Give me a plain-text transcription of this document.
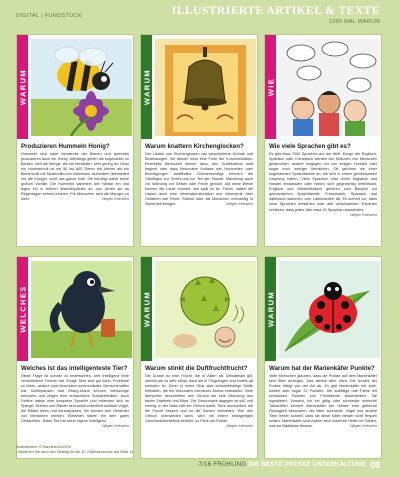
DIGITAL | FUNDSTÜCK	ILLUSTRIERTE ARTIKEL & TEXTE
1000 MAL WARUM
WARUM
Produzieren Hummeln Honig?
Hummeln sind nahe Verwandte der Bienen und sprechen produzieren auch ein Honig. Allerdings geben die sogenanter zu Bauten, weil die Menge, die sie herstellen, sehr gering ist. Denn ein Hummelvolk ist mit 50 bis 600 Tieren viel kleiner als ein Bienenvolk mit Tausenden von Individuen. Außerdem überwintert nur die Königin, nicht das ganze Volk. Sie benötigt daher keine großen Vorräte. Die Hummeln sammeln den Nektar ein und legen ihn in kleinen Wachstöpfchen an, von denen sie an Regentagen zehren können. Für Menschen sind die Mengen zu klein.	Wegen Ireinstein
WARUM
Warum knattern Kirchenglocken?
Der Läuten von Kirchenglocken hat verschiedene Gründe und Bedeutungen. Sie dienen nicht eine Form der Kommunikation. Einerseits Menschen dienen dazu, den Gottesdienst bald beginnt oder dass besondere Anlässe wie Hochzeiten oder Beerdigungen stattfinden. Glockenschläge erinnern die Gläubigen zur Gebet und zur Teil der Stunde. Manchmal auch zur Warnung vor Gefahr oder Feuer genutzt. Auf diese Weise können die Leute erinnert, wie spät es ist. Früher hatten die Läuten auch eine Informationsfunktion und informierte über Gefahren wie Feuer, Stürme oder als Menschen rechtzeitig in Sicherheit bringen.	Wegen Ireinstein
WIE
Wie viele Sprachen gibt es?
Es gibt etwa 7000 Sprachen auf der Welt. Einige wie Englisch, Spanisch oder Chinesisch werden von Millionen von Menschen gesprochen, andere hingegen nur von einigen Hundert oder sogar noch weniger Menschen. Oft gehören sie einer sogenannten Sprachfamilie an, die sich in einem gemeinsamen Ursprung haben. Viele Sprachen sind durch Migration und Handel entstanden oder haben sich gegenseitig beeinflusst. Englisch und Niederländisch gehören zum Beispiel zur germanischen Sprachfamilie. Französisch, Spanisch und Italienisch stammen vom Lateinischen ab. Es kommt vor, dass neue Sprachen entstehen oder alte verschwinden. Experten schätzen, dass jedes Jahr etwa 25 Sprachen aussterben.
Wegen Ireinstein
WELCHES
Welches ist das intelligenteste Tier?
Diese Frage ist schwer zu beantworten, weil Intelligenz viele verschiedene Formen hat. Einige Tiere sind gut darin, Probleme zu lösen, andere sind besonders kommunikativ. Menschenaffen wie Schimpansen und Orang-Utans können Werkzeuge benutzen und zeigen eine erstaunliche Sozialverhalten. Auch Delfine haben eine komplexe Sprache und erkennen sich im Spiegel. Krähen und Raben sind außerordentlich schlaue Vögel, die Rätsel lösen und vorausplanen. Sie können sich Gesichter von Menschen merken. Elefanten haben ein sehr gutes Gedächtnis. Jedes Tier hat seine eigene Intelligenz.
Wegen Ireinstein
WARUM
Warum stinkt die Duftfruchtfrucht?
Die Durian ist eine Frucht, die in Asien als Delikatesse gilt, obwohl sie so sehr stinkt, dass sie in Flugzeugen und Hotels oft verboten ist. Denn in ihrem Obst sind schwefelhaltige Stoffe enthalten, die ein besonders intensives Aroma entwickeln. Viele Menschen beschreiben den Geruch als eine Mischung aus faulen Zwiebeln und Käse. Der Geschmack dagegen ist süß und cremig. In der Natur hilft der Geruch dabei, Tiere anzulocken, die die Frucht fressen und so die Samen verbreiten. Wer den Geruch überwinden kann, wird mit einem einzigartigen Geschmackserlebnis belohnt, so Fans der Durian.
Wegen Ireinstein
WARUM
Warum hat der Marienkäfer Punkte?
Viele Menschen glauben, dass die Punkte auf dem Marienkäfer sein Alter anzeigen. Das stimmt aber nicht. Die Anzahl der Punkte hängt von der Art ab. Es gibt Marienkäfer mit zwei, sieben oder sogar 22 Punkten. Die auffällige rote Farbe mit schwarzen Punkten soll Fressfeinde abschrecken. Sie signalisiert: Vorsicht, ich bin giftig oder schmecke schlecht! Tatsächlich können Marienkäfer bei Gefahr eine gelbliche Flüssigkeit absondern, die bitter schmeckt. Vögel und andere Tiere lernen schnell, dass sie diese Käfer besser nicht fressen sollten. Marienkäfer sind zudem sehr nützliche Helfer im Garten, weil sie Blattläuse fressen.	Wegen Ireinstein
Illustrationen: © Hanneleore/2016
• Beziehen Sie auch den Beitrag für die 32. Kalenderwoche auf Seite 11
7/16 FRÜHLING DIE BESTE PRESSE UNTERHALTUNG 08
